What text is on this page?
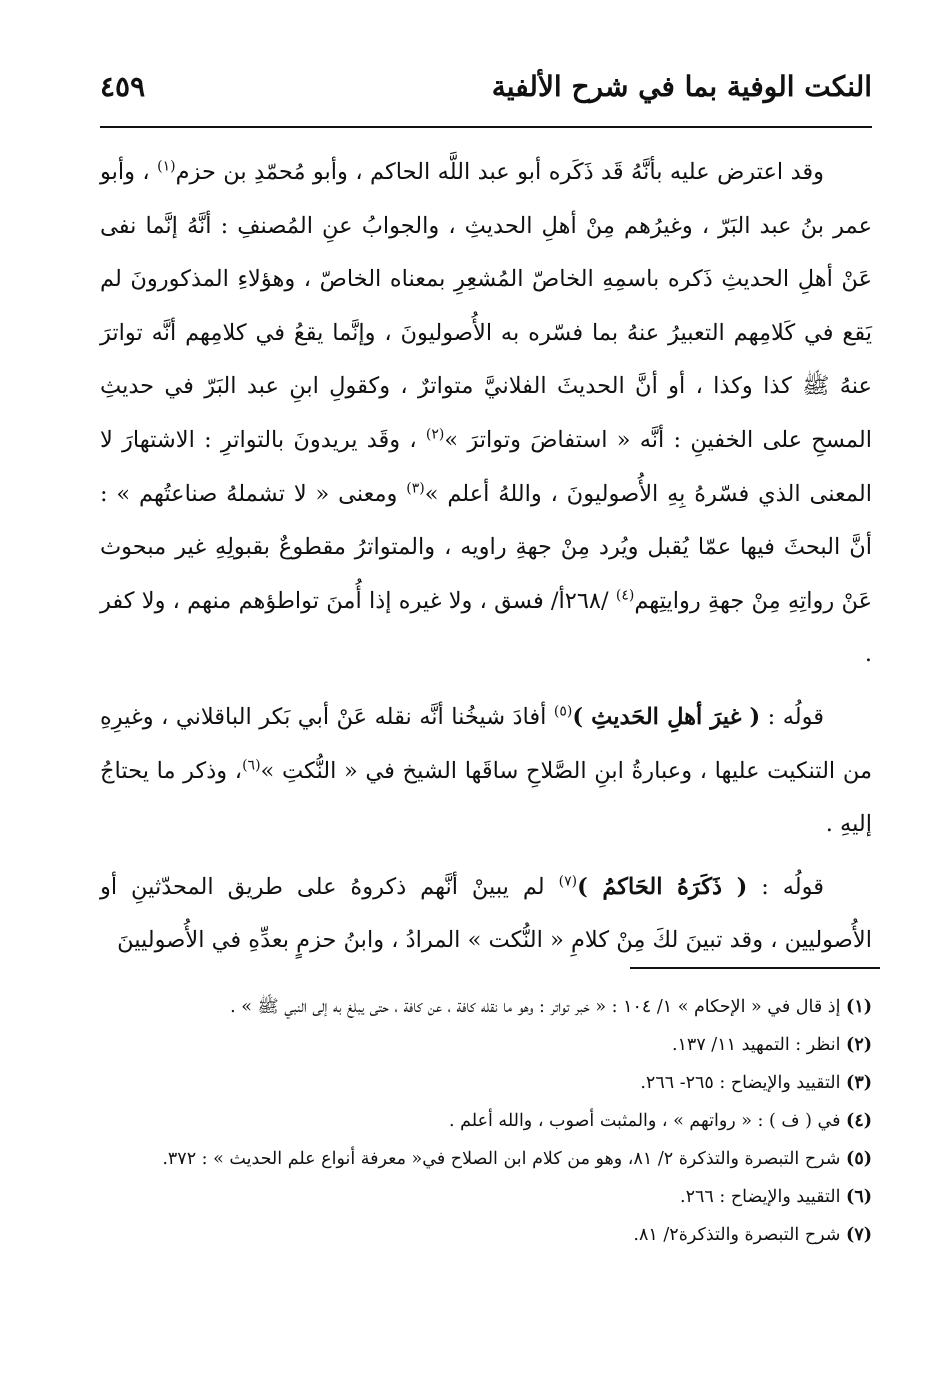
النكت الوفية بما في شرح الألفية
٤٥٩

وقد اعترض عليه بأنَّهُ قَد ذَكَره أبو عبد اللَّه الحاكم ، وأبو مُحمّدِ بن حزم$^{(١)}$ ، وأبو عمر بنُ عبد البَرّ ، وغيرُهم مِنْ أهلِ الحديثِ ، والجوابُ عنِ المُصنفِ : أنَّهُ إنَّما نفى عَنْ أهلِ الحديثِ ذَكره باسمِهِ الخاصّ المُشعِرِ بمعناه الخاصّ ، وهؤلاءِ المذكورونَ لم يَقع في كَلامِهم التعبيرُ عنهُ بما فسّره به الأُصوليونَ ، وإنَّما يقعُ في كلامِهم أنَّه تواترَ عنهُ ﷺ كذا وكذا ، أو أنَّ الحديثَ الفلانيَّ متواترٌ ، وكقولِ ابنِ عبد البَرّ في حديثِ المسحِ على الخفينِ : أنَّه « استفاضَ وتواترَ »$^{(٢)}$ ، وقَد يريدونَ بالتواترِ : الاشتهارَ لا المعنى الذي فسّرهُ بِهِ الأُصوليونَ ، واللهُ أعلم »$^{(٣)}$ ومعنى « لا تشملهُ صناعتُهم » : أنَّ البحثَ فيها عمّا يُقبل ويُرد مِنْ جهةِ راويه ، والمتواترُ مقطوعٌ بقبولِهِ غير مبحوث عَنْ رواتِهِ مِنْ جهةِ روايتِهم$^{(٤)}$ /٢٦٨أ/ فسق ، ولا غيره إذا أُمنَ تواطؤهم منهم ، ولا كفر .

قولُه : ( غيرَ أهلِ الحَديثِ )$^{(٥)}$ أفادَ شيخُنا أنَّه نقله عَنْ أبي بَكر الباقلاني ، وغيرِهِ من التنكيت عليها ، وعبارةُ ابنِ الصَّلاحِ ساقَها الشيخ في « النُّكتِ »$^{(٦)}$، وذكر ما يحتاجُ إليهِ .

قولُه : ( ذَكَرَهُ الحَاكمُ )$^{(٧)}$ لم يبينْ أنَّهم ذكروهُ على طريق المحدّثينِ أو الأُصوليين ، وقد تبينَ لكَ مِنْ كلامِ « النُّكت » المرادُ ، وابنُ حزمٍ بعدِّهِ في الأُصوليينَ

(١) إذ قال في « الإحكام » ١/ ١٠٤ : « خبر تواتر : وهو ما نقله كافة ، عن كافة ، حتى يبلغ به إلى النبي ﷺ » .

(٢) انظر : التمهيد ١١/ ١٣٧.

(٣) التقييد والإيضاح : ٢٦٥- ٢٦٦.

(٤) في ( ف ) : « رواتهم » ، والمثبت أصوب ، والله أعلم .

(٥) شرح التبصرة والتذكرة ٢/ ٨١، وهو من كلام ابن الصلاح في« معرفة أنواع علم الحديث » : ٣٧٢.

(٦) التقييد والإيضاح : ٢٦٦.

(٧) شرح التبصرة والتذكرة٢/ ٨١.
